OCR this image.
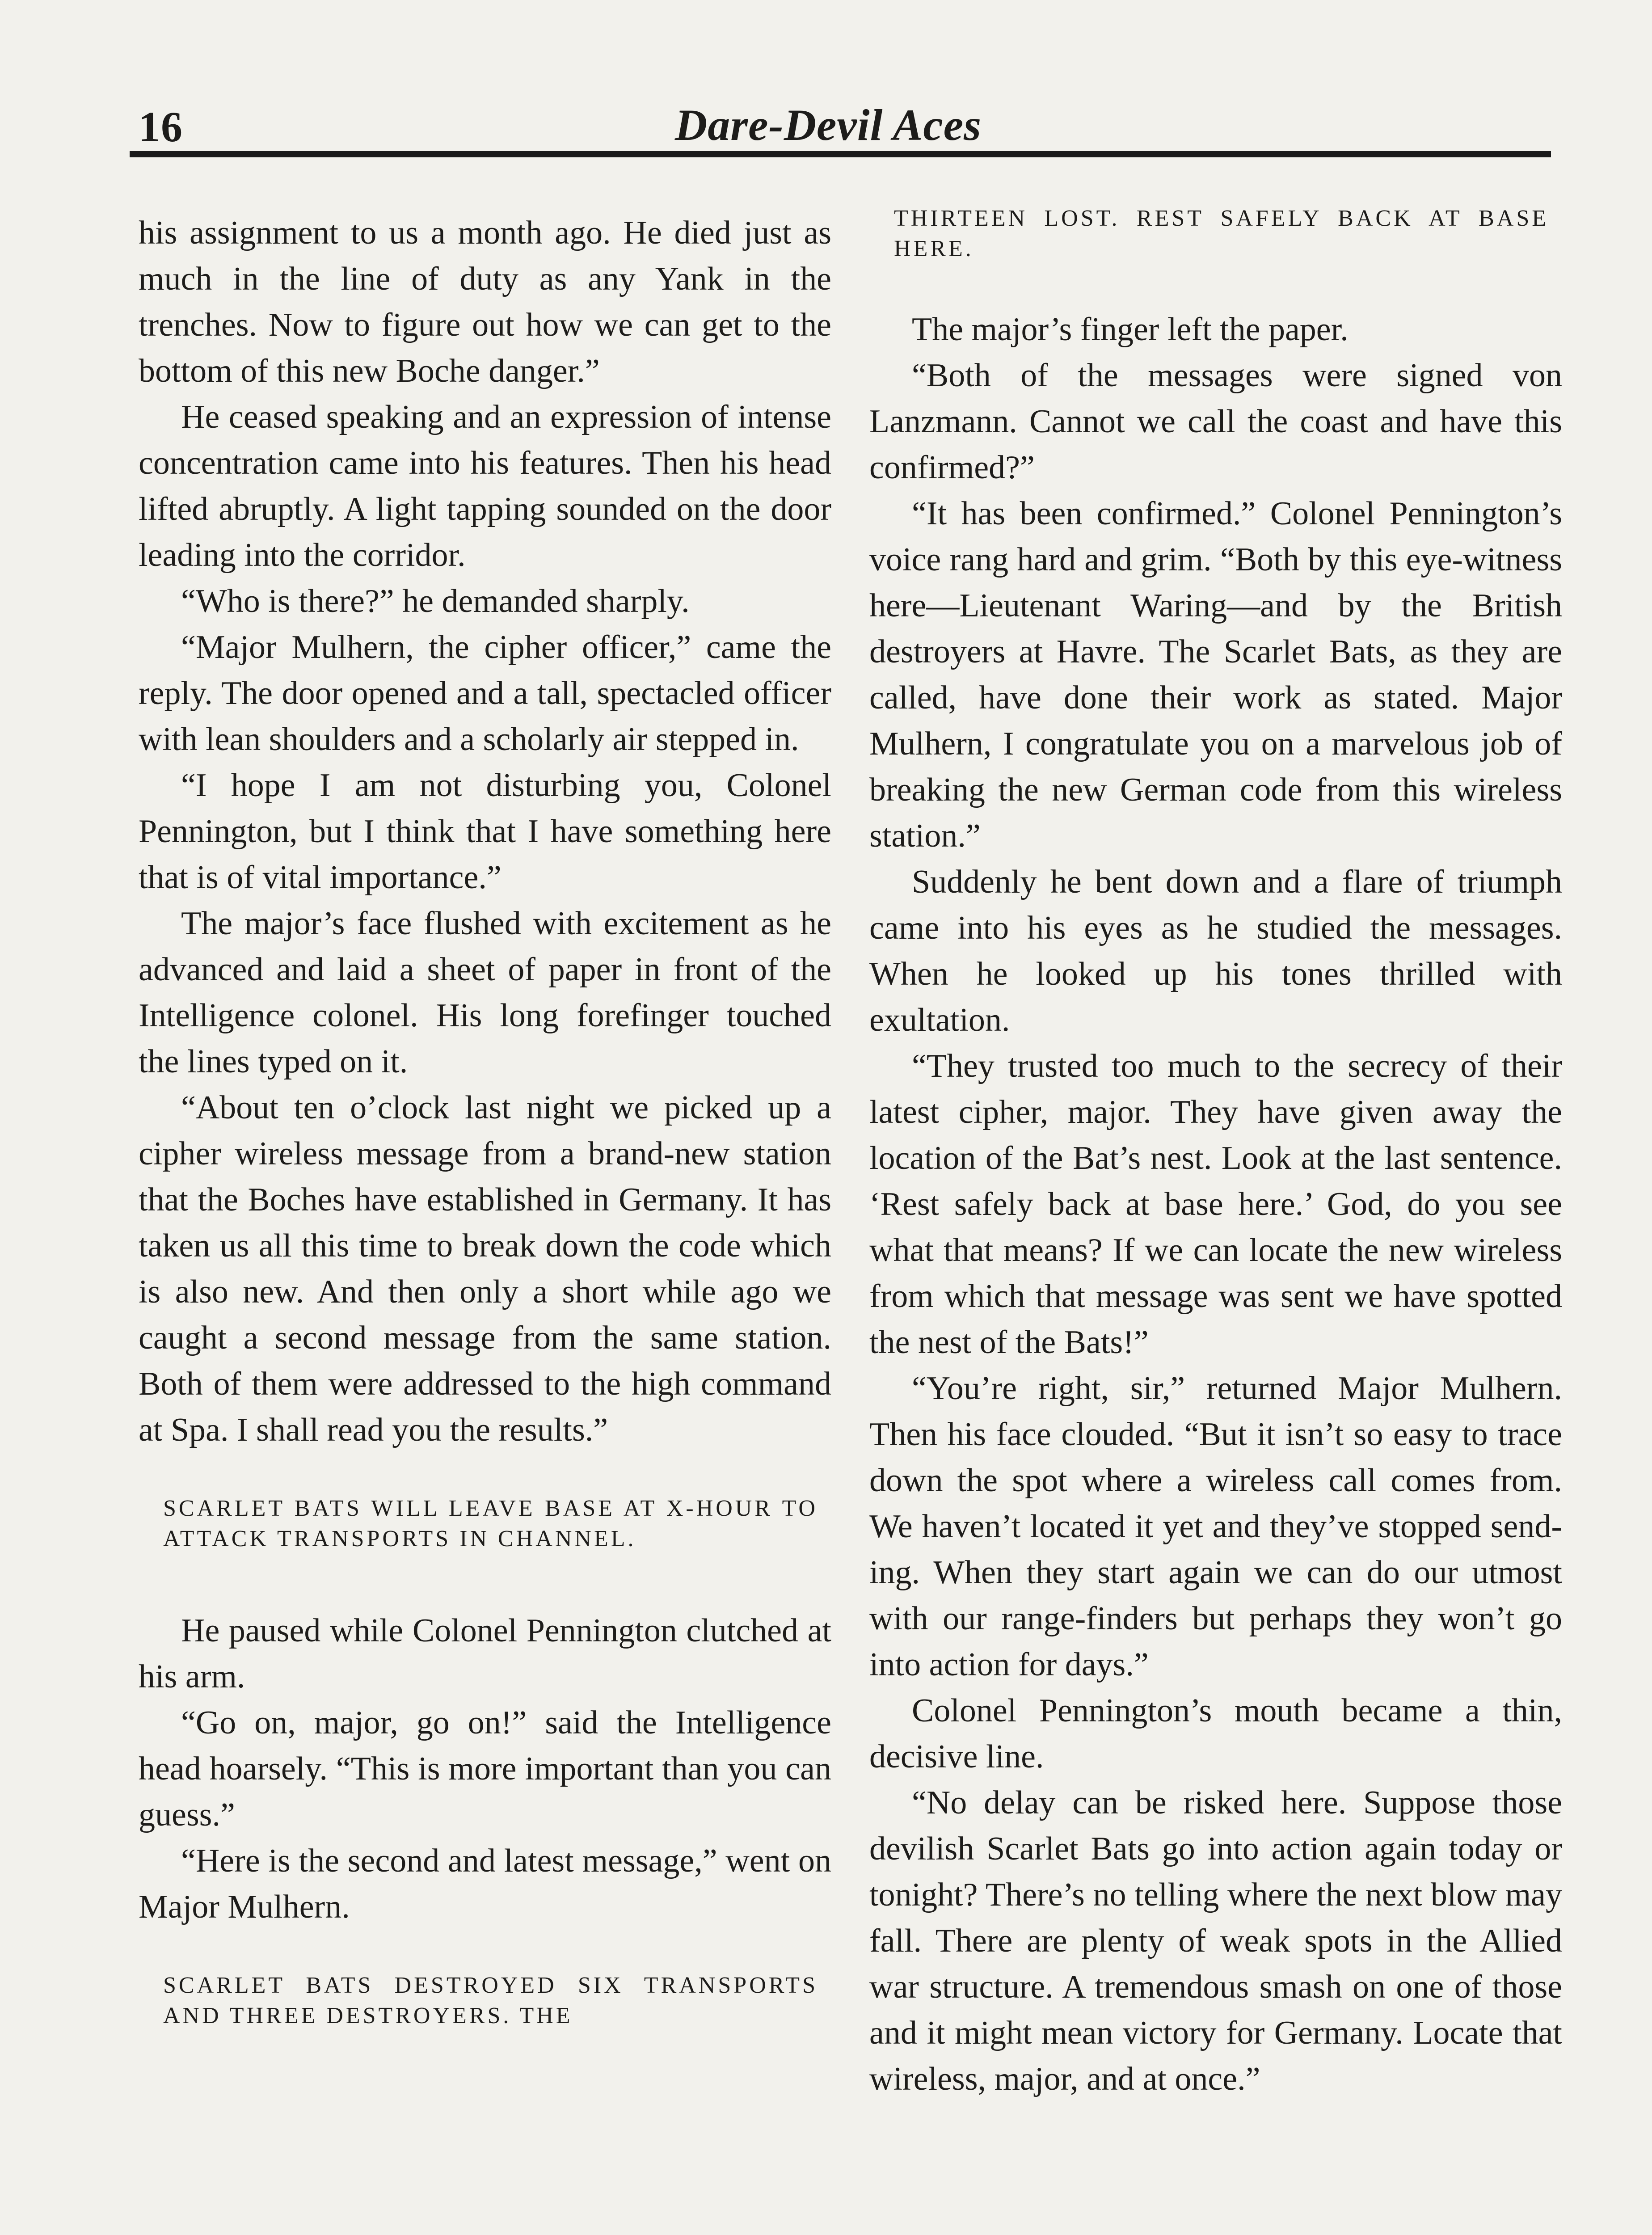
16	Dare-Devil Aces

his assignment to us a month ago. He died just as much in the line of duty as any Yank in the trenches. Now to figure out how we can get to the bottom of this new Boche danger.”

He ceased speaking and an expression of intense concentration came into his features. Then his head lifted abruptly. A light tapping sounded on the door leading into the corridor.

“Who is there?” he demanded sharply.

“Major Mulhern, the cipher officer,” came the reply. The door opened and a tall, spectacled officer with lean shoulders and a scholarly air stepped in.

“I hope I am not disturbing you, Colonel Pennington, but I think that I have something here that is of vital importance.”

The major’s face flushed with excitement as he advanced and laid a sheet of paper in front of the Intelligence colonel. His long forefinger touched the lines typed on it.

“About ten o’clock last night we picked up a cipher wireless message from a brand-new station that the Boches have established in Germany. It has taken us all this time to break down the code which is also new. And then only a short while ago we caught a second message from the same station. Both of them were addressed to the high command at Spa. I shall read you the results.”

SCARLET BATS WILL LEAVE BASE AT X-HOUR TO ATTACK TRANSPORTS IN CHANNEL.

He paused while Colonel Pennington clutched at his arm.

“Go on, major, go on!” said the Intelligence head hoarsely. “This is more important than you can guess.”

“Here is the second and latest message,” went on Major Mulhern.

SCARLET BATS DESTROYED SIX TRANSPORTS AND THREE DESTROYERS. THE

THIRTEEN LOST. REST SAFELY BACK AT BASE HERE.

The major’s finger left the paper.

“Both of the messages were signed von Lanzmann. Cannot we call the coast and have this confirmed?”

“It has been confirmed.” Colonel Pennington’s voice rang hard and grim. “Both by this eye-witness here—Lieutenant Waring—and by the British destroyers at Havre. The Scarlet Bats, as they are called, have done their work as stated. Major Mulhern, I congratulate you on a marvelous job of breaking the new German code from this wireless station.”

Suddenly he bent down and a flare of triumph came into his eyes as he studied the messages. When he looked up his tones thrilled with exultation.

“They trusted too much to the secrecy of their latest cipher, major. They have given away the location of the Bat’s nest. Look at the last sentence. ‘Rest safely back at base here.’ God, do you see what that means? If we can locate the new wireless from which that message was sent we have spotted the nest of the Bats!”

“You’re right, sir,” returned Major Mulhern. Then his face clouded. “But it isn’t so easy to trace down the spot where a wireless call comes from. We haven’t located it yet and they’ve stopped sending. When they start again we can do our utmost with our range-finders but perhaps they won’t go into action for days.”

Colonel Pennington’s mouth became a thin, decisive line.

“No delay can be risked here. Suppose those devilish Scarlet Bats go into action again today or tonight? There’s no telling where the next blow may fall. There are plenty of weak spots in the Allied war structure. A tremendous smash on one of those and it might mean victory for Germany. Locate that wireless, major, and at once.”
